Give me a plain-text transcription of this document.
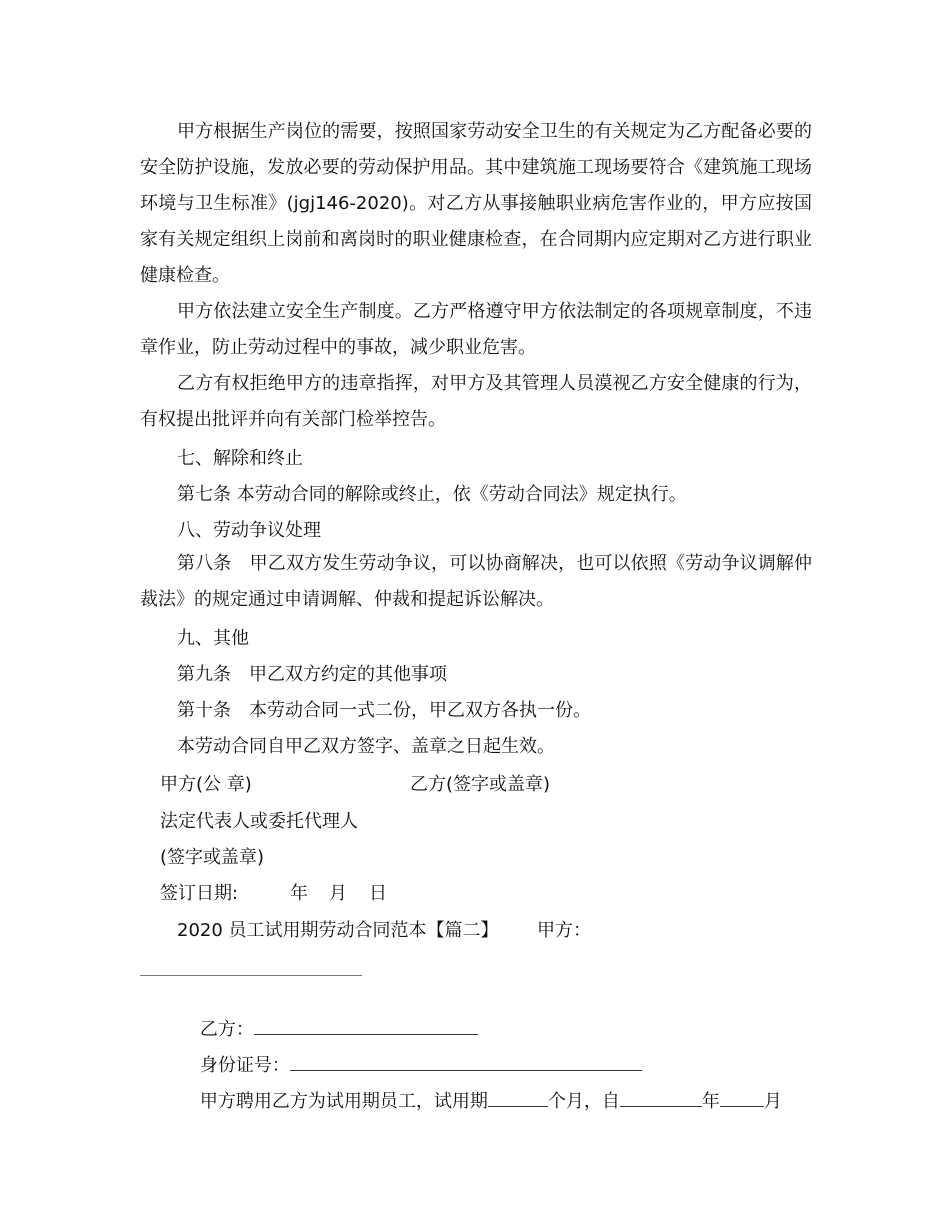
甲方根据生产岗位的需要，按照国家劳动安全卫生的有关规定为乙方配备必要的安全防护设施，发放必要的劳动保护用品。其中建筑施工现场要符合《建筑施工现场环境与卫生标准》(jgj146-2020)。对乙方从事接触职业病危害作业的，甲方应按国家有关规定组织上岗前和离岗时的职业健康检查，在合同期内应定期对乙方进行职业健康检查。

甲方依法建立安全生产制度。乙方严格遵守甲方依法制定的各项规章制度，不违章作业，防止劳动过程中的事故，减少职业危害。

乙方有权拒绝甲方的违章指挥，对甲方及其管理人员漠视乙方安全健康的行为，有权提出批评并向有关部门检举控告。

七、解除和终止
第七条 本劳动合同的解除或终止，依《劳动合同法》规定执行。
八、劳动争议处理

第八条　甲乙双方发生劳动争议，可以协商解决，也可以依照《劳动争议调解仲裁法》的规定通过申请调解、仲裁和提起诉讼解决。

九、其他
第九条　甲乙双方约定的其他事项
第十条　本劳动合同一式二份，甲乙双方各执一份。
本劳动合同自甲乙双方签字、盖章之日起生效。
甲方(公 章)	乙方(签字或盖章)
法定代表人或委托代理人
(签字或盖章)
签订日期:	年 月 日
2020 员工试用期劳动合同范本【篇二】 甲方：

乙方：

身份证号：

甲方聘用乙方为试用期员工，试用期	个月，自	年 月
